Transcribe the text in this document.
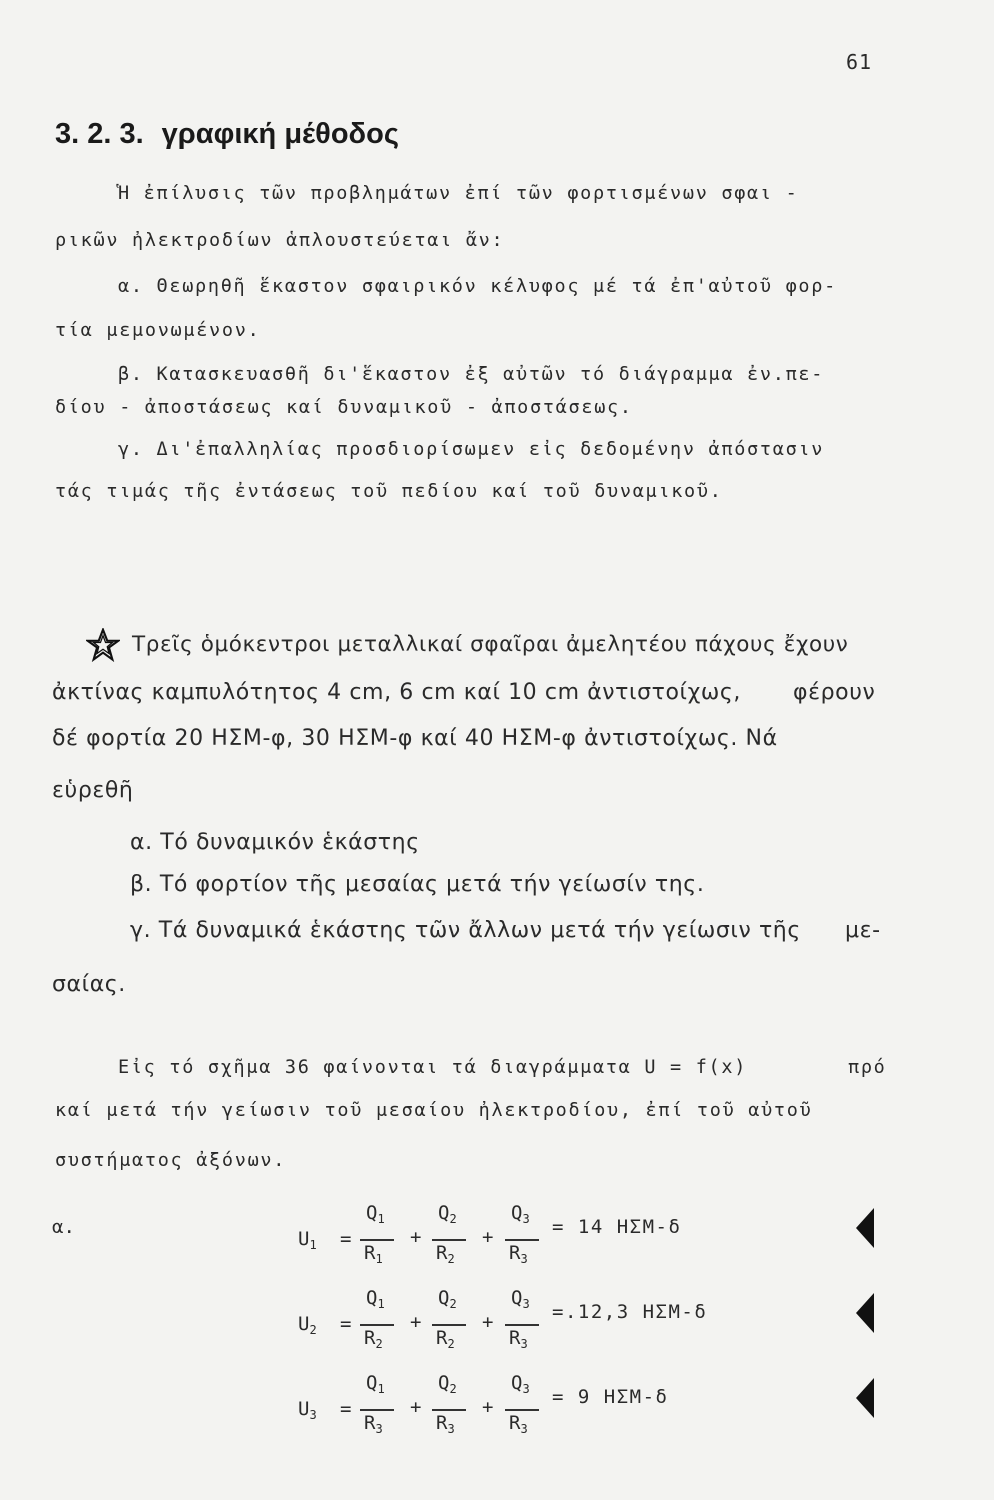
61
3. 2. 3. γραφική μέθοδος
Ἡ ἐπίλυσις τῶν προβλημάτων ἐπί τῶν φορτισμένων σφαι -
ρικῶν ἠλεκτροδίων ἁπλουστεύεται ἄν:
α. Θεωρηθῆ ἕκαστον σφαιρικόν κέλυφος μέ τά ἐπ'αὐτοῦ φορ-
τία μεμονωμένον.
β. Κατασκευασθῆ δι'ἕκαστον ἐξ αὐτῶν τό διάγραμμα ἐν.πε-
δίου - ἀποστάσεως καί δυναμικοῦ - ἀποστάσεως.
γ. Δι'ἐπαλληλίας προσδιορίσωμεν εἰς δεδομένην ἀπόστασιν
τάς τιμάς τῆς ἐντάσεως τοῦ πεδίου καί τοῦ δυναμικοῦ.
Τρεῖς ὁμόκεντροι μεταλλικαί σφαῖραι ἀμελητέου πάχους ἔχουν
ἀκτίνας καμπυλότητος 4 cm, 6 cm καί 10 cm ἀντιστοίχως, φέρουν
δέ φορτία 20 ΗΣΜ-φ, 30 ΗΣΜ-φ καί 40 ΗΣΜ-φ ἀντιστοίχως. Νά
εὑρεθῆ
α. Τό δυναμικόν ἑκάστης
β. Τό φορτίον τῆς μεσαίας μετά τήν γείωσίν της.
γ. Τά δυναμικά ἑκάστης τῶν ἄλλων μετά τήν γείωσιν τῆς με-
σαίας.
Εἰς τό σχῆμα 36 φαίνονται τά διαγράμματα U = f(x)	πρό
καί μετά τήν γείωσιν τοῦ μεσαίου ἠλεκτροδίου, ἐπί τοῦ αὐτοῦ
συστήματος ἀξόνων.
α.
$U_1$ =
$Q_1$
$R_1$
+
$Q_2$
$R_2$
+
$Q_3$
$R_3$
= 14 ΗΣΜ-δ
$U_2$ =
$Q_1$
$R_2$
+
$Q_2$
$R_2$
+
$Q_3$
$R_3$
=.12,3 ΗΣΜ-δ
$U_3$ =
$Q_1$
$R_3$
+
$Q_2$
$R_3$
+
$Q_3$
$R_3$
= 9 ΗΣΜ-δ
